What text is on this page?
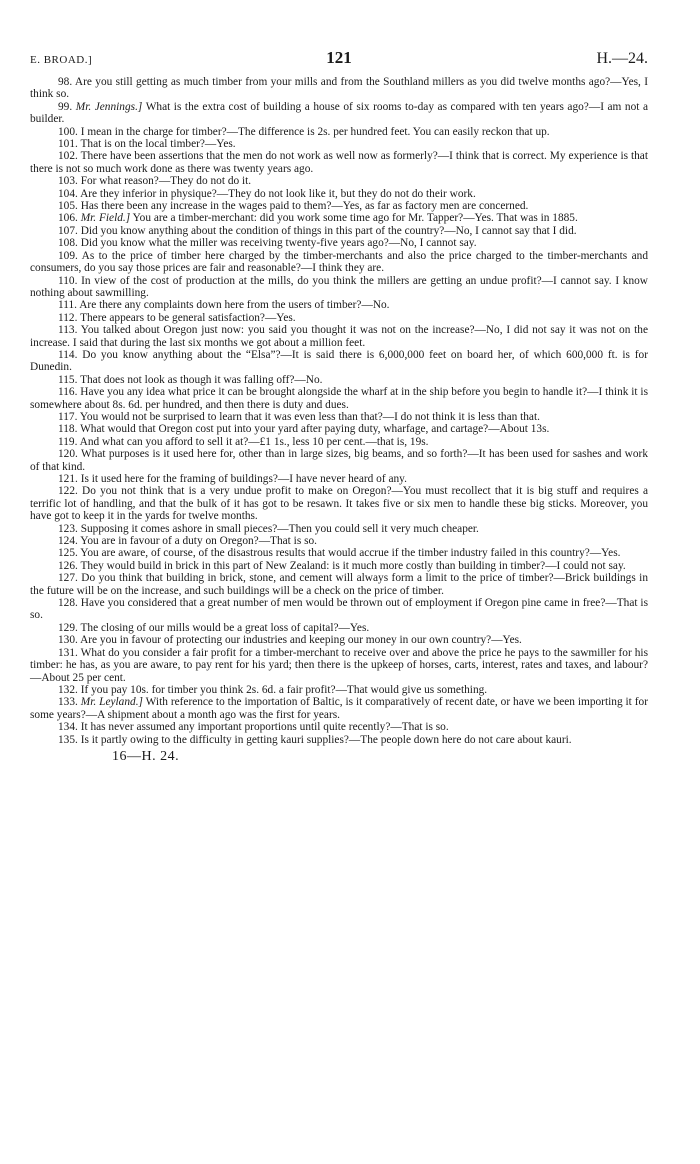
E. BROAD.]	121	H.—24.

98. Are you still getting as much timber from your mills and from the Southland millers as you did twelve months ago?—Yes, I think so.

99. Mr. Jennings.] What is the extra cost of building a house of six rooms to-day as compared with ten years ago?—I am not a builder.

100. I mean in the charge for timber?—The difference is 2s. per hundred feet. You can easily reckon that up.

101. That is on the local timber?—Yes.

102. There have been assertions that the men do not work as well now as formerly?—I think that is correct. My experience is that there is not so much work done as there was twenty years ago.

103. For what reason?—They do not do it.

104. Are they inferior in physique?—They do not look like it, but they do not do their work.

105. Has there been any increase in the wages paid to them?—Yes, as far as factory men are concerned.

106. Mr. Field.] You are a timber-merchant: did you work some time ago for Mr. Tapper?—Yes. That was in 1885.

107. Did you know anything about the condition of things in this part of the country?—No, I cannot say that I did.

108. Did you know what the miller was receiving twenty-five years ago?—No, I cannot say.

109. As to the price of timber here charged by the timber-merchants and also the price charged to the timber-merchants and consumers, do you say those prices are fair and reasonable?—I think they are.

110. In view of the cost of production at the mills, do you think the millers are getting an undue profit?—I cannot say. I know nothing about sawmilling.

111. Are there any complaints down here from the users of timber?—No.

112. There appears to be general satisfaction?—Yes.

113. You talked about Oregon just now: you said you thought it was not on the increase?—No, I did not say it was not on the increase. I said that during the last six months we got about a million feet.

114. Do you know anything about the “Elsa”?—It is said there is 6,000,000 feet on board her, of which 600,000 ft. is for Dunedin.

115. That does not look as though it was falling off?—No.

116. Have you any idea what price it can be brought alongside the wharf at in the ship before you begin to handle it?—I think it is somewhere about 8s. 6d. per hundred, and then there is duty and dues.

117. You would not be surprised to learn that it was even less than that?—I do not think it is less than that.

118. What would that Oregon cost put into your yard after paying duty, wharfage, and cartage?—About 13s.

119. And what can you afford to sell it at?—£1 1s., less 10 per cent.—that is, 19s.

120. What purposes is it used here for, other than in large sizes, big beams, and so forth?—It has been used for sashes and work of that kind.

121. Is it used here for the framing of buildings?—I have never heard of any.

122. Do you not think that is a very undue profit to make on Oregon?—You must recollect that it is big stuff and requires a terrific lot of handling, and that the bulk of it has got to be resawn. It takes five or six men to handle these big sticks. Moreover, you have got to keep it in the yards for twelve months.

123. Supposing it comes ashore in small pieces?—Then you could sell it very much cheaper.

124. You are in favour of a duty on Oregon?—That is so.

125. You are aware, of course, of the disastrous results that would accrue if the timber industry failed in this country?—Yes.

126. They would build in brick in this part of New Zealand: is it much more costly than building in timber?—I could not say.

127. Do you think that building in brick, stone, and cement will always form a limit to the price of timber?—Brick buildings in the future will be on the increase, and such buildings will be a check on the price of timber.

128. Have you considered that a great number of men would be thrown out of employment if Oregon pine came in free?—That is so.

129. The closing of our mills would be a great loss of capital?—Yes.

130. Are you in favour of protecting our industries and keeping our money in our own country?—Yes.

131. What do you consider a fair profit for a timber-merchant to receive over and above the price he pays to the sawmiller for his timber: he has, as you are aware, to pay rent for his yard; then there is the upkeep of horses, carts, interest, rates and taxes, and labour?—About 25 per cent.

132. If you pay 10s. for timber you think 2s. 6d. a fair profit?—That would give us something.

133. Mr. Leyland.] With reference to the importation of Baltic, is it comparatively of recent date, or have we been importing it for some years?—A shipment about a month ago was the first for years.

134. It has never assumed any important proportions until quite recently?—That is so.

135. Is it partly owing to the difficulty in getting kauri supplies?—The people down here do not care about kauri.

16—H. 24.
